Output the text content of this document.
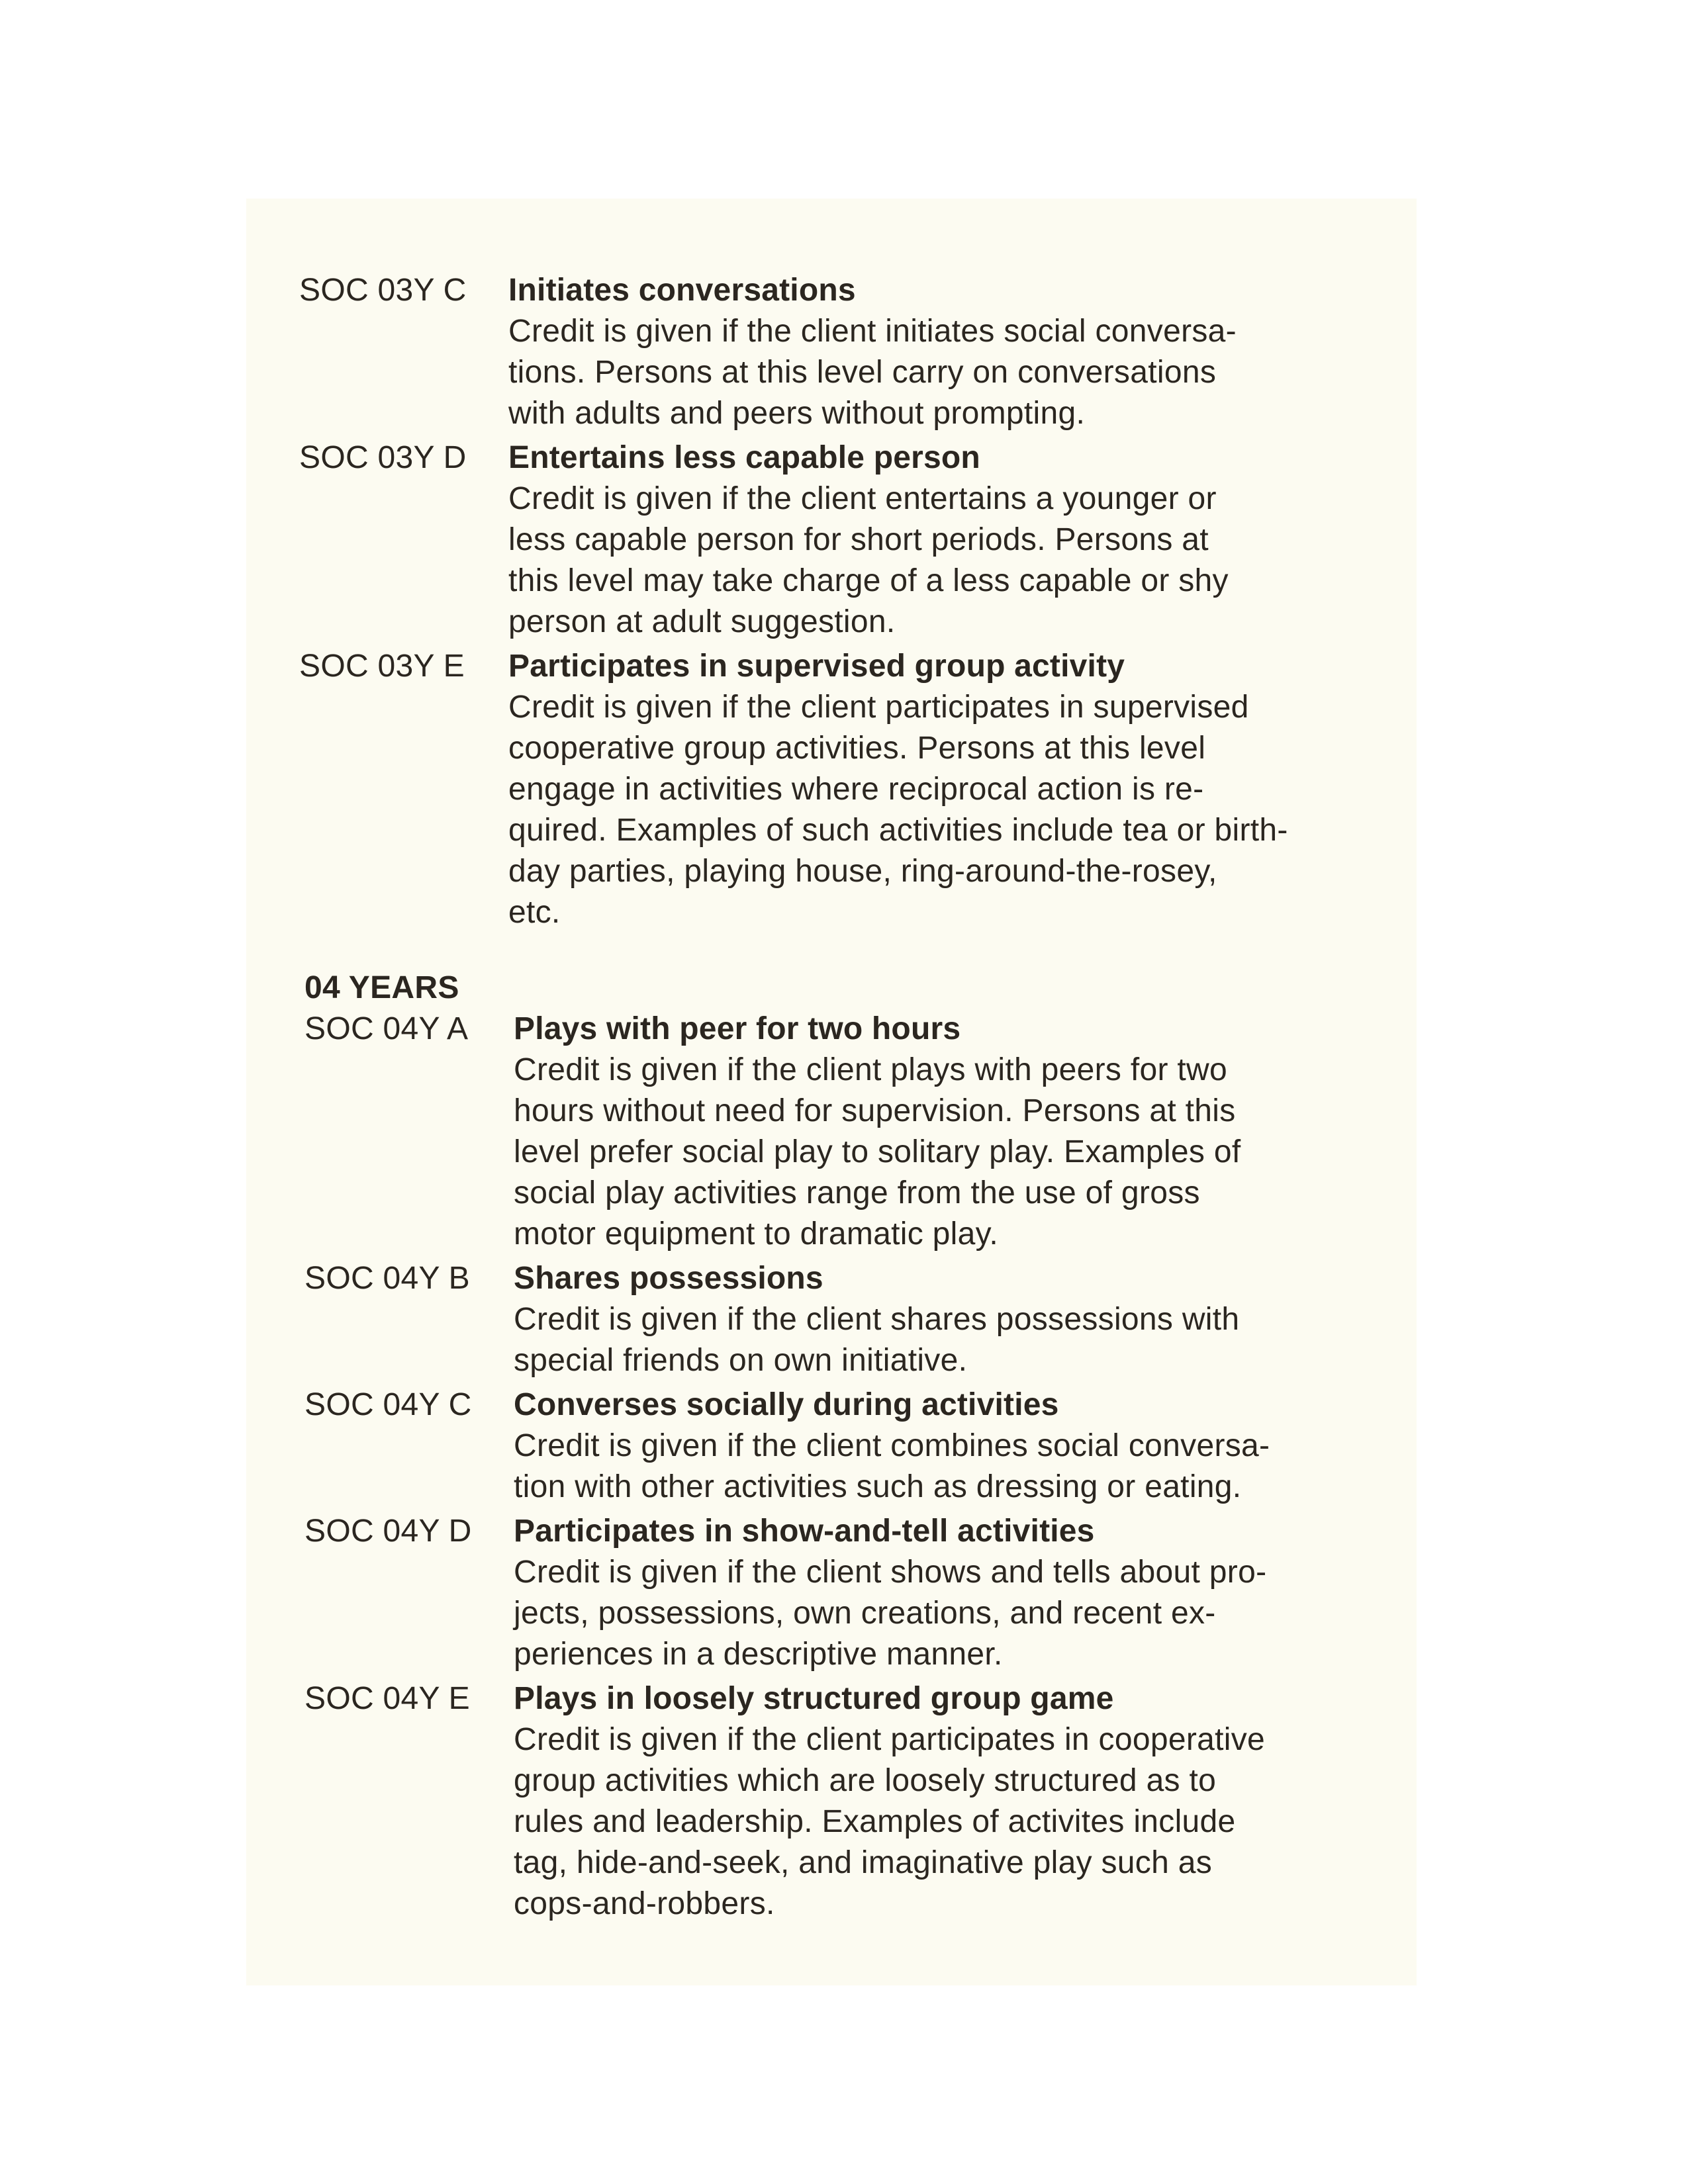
SOC 03Y C	Initiates conversations
Credit is given if the client initiates social conversa-
tions. Persons at this level carry on conversations
with adults and peers without prompting.
SOC 03Y D	Entertains less capable person
Credit is given if the client entertains a younger or
less capable person for short periods. Persons at
this level may take charge of a less capable or shy
person at adult suggestion.
SOC 03Y E	Participates in supervised group activity
Credit is given if the client participates in supervised
cooperative group activities. Persons at this level
engage in activities where reciprocal action is re-
quired. Examples of such activities include tea or birth-
day parties, playing house, ring-around-the-rosey,
etc.
04 YEARS
SOC 04Y A	Plays with peer for two hours
Credit is given if the client plays with peers for two
hours without need for supervision. Persons at this
level prefer social play to solitary play. Examples of
social play activities range from the use of gross
motor equipment to dramatic play.
SOC 04Y B	Shares possessions
Credit is given if the client shares possessions with
special friends on own initiative.
SOC 04Y C	Converses socially during activities
Credit is given if the client combines social conversa-
tion with other activities such as dressing or eating.
SOC 04Y D	Participates in show-and-tell activities
Credit is given if the client shows and tells about pro-
jects, possessions, own creations, and recent ex-
periences in a descriptive manner.
SOC 04Y E	Plays in loosely structured group game
Credit is given if the client participates in cooperative
group activities which are loosely structured as to
rules and leadership. Examples of activites include
tag, hide-and-seek, and imaginative play such as
cops-and-robbers.
